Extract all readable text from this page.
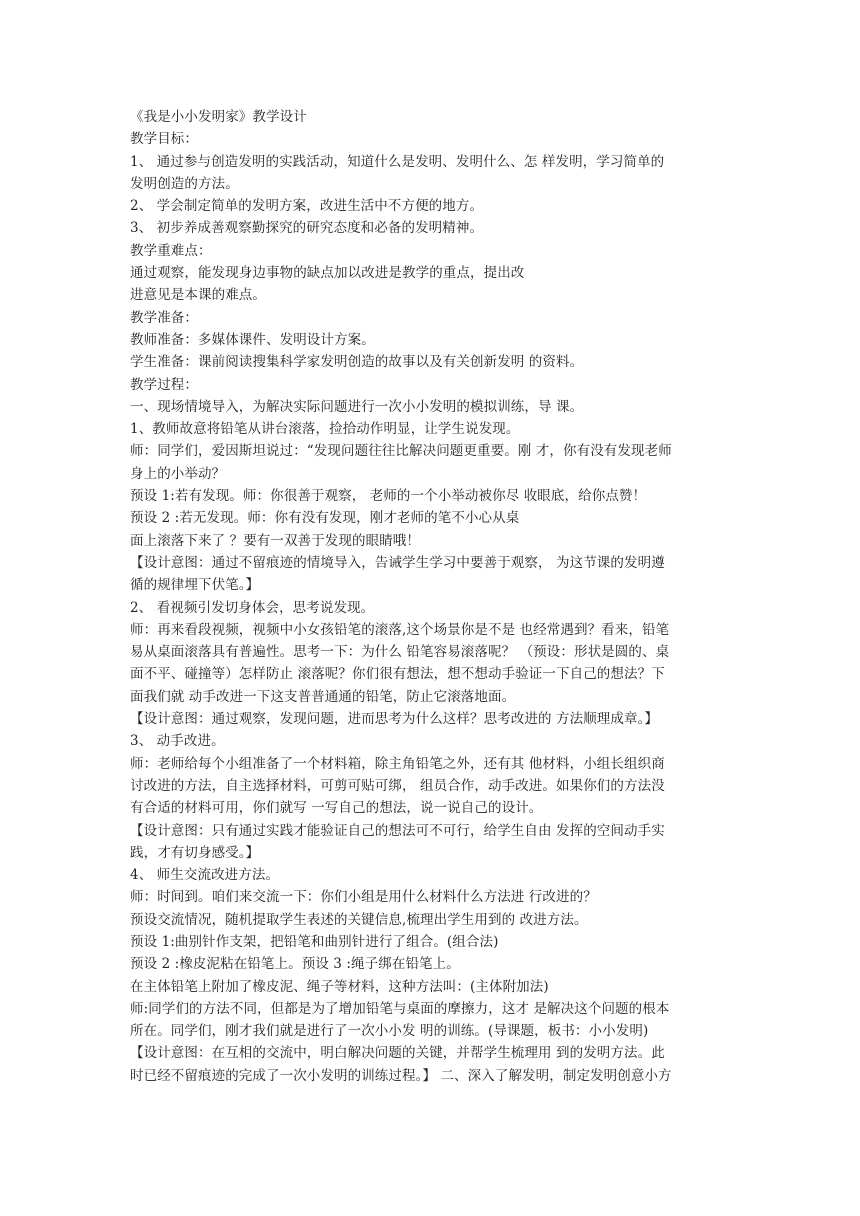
《我是小小发明家》教学设计
教学目标：
1、 通过参与创造发明的实践活动，知道什么是发明、发明什么、怎 样发明，学习简单的
发明创造的方法。
2、 学会制定简单的发明方案，改进生活中不方便的地方。
3、 初步养成善观察勤探究的研究态度和必备的发明精神。
教学重难点：
通过观察，能发现身边事物的缺点加以改进是教学的重点，提出改
进意见是本课的难点。
教学准备：
教师准备：多媒体课件、发明设计方案。
学生准备：课前阅读搜集科学家发明创造的故事以及有关创新发明 的资料。
教学过程：
一、现场情境导入，为解决实际问题进行一次小小发明的模拟训练，导 课。
1、教师故意将铅笔从讲台滚落，捡拾动作明显，让学生说发现。
师：同学们，爱因斯坦说过：“发现问题往往比解决问题更重要。刚 才，你有没有发现老师
身上的小举动？
预设 1:若有发现。师：你很善于观察， 老师的一个小举动被你尽 收眼底，给你点赞！
预设 2 :若无发现。师：你有没有发现，刚才老师的笔不小心从桌
面上滚落下来了 ？要有一双善于发现的眼睛哦！
【设计意图：通过不留痕迹的情境导入，告诫学生学习中要善于观察， 为这节课的发明遵
循的规律埋下伏笔。】
2、 看视频引发切身体会，思考说发现。
师：再来看段视频，视频中小女孩铅笔的滚落,这个场景你是不是 也经常遇到？看来，铅笔
易从桌面滚落具有普遍性。思考一下：为什么 铅笔容易滚落呢？ （预设：形状是圆的、桌
面不平、碰撞等）怎样防止 滚落呢？你们很有想法，想不想动手验证一下自己的想法？下
面我们就 动手改进一下这支普普通通的铅笔，防止它滚落地面。
【设计意图：通过观察，发现问题，进而思考为什么这样？思考改进的 方法顺理成章。】
3、 动手改进。
师：老师给每个小组准备了一个材料箱，除主角铅笔之外，还有其 他材料，小组长组织商
讨改进的方法，自主选择材料，可剪可贴可绑， 组员合作，动手改进。如果你们的方法没
有合适的材料可用，你们就写 一写自己的想法，说一说自己的设计。
【设计意图：只有通过实践才能验证自己的想法可不可行，给学生自由 发挥的空间动手实
践，才有切身感受。】
4、 师生交流改进方法。
师：时间到。咱们来交流一下：你们小组是用什么材料什么方法进 行改进的？
预设交流情况，随机提取学生表述的关键信息,梳理出学生用到的 改进方法。
预设 1:曲别针作支架，把铅笔和曲别针进行了组合。(组合法)
预设 2 :橡皮泥粘在铅笔上。预设 3 :绳子绑在铅笔上。
在主体铅笔上附加了橡皮泥、绳子等材料，这种方法叫：(主体附加法)
师:同学们的方法不同，但都是为了增加铅笔与桌面的摩擦力，这才 是解决这个问题的根本
所在。同学们，刚才我们就是进行了一次小小发 明的训练。(导课题，板书：小小发明)
【设计意图：在互相的交流中，明白解决问题的关键，并帮学生梳理用 到的发明方法。此
时已经不留痕迹的完成了一次小发明的训练过程。】 二、深入了解发明，制定发明创意小方
